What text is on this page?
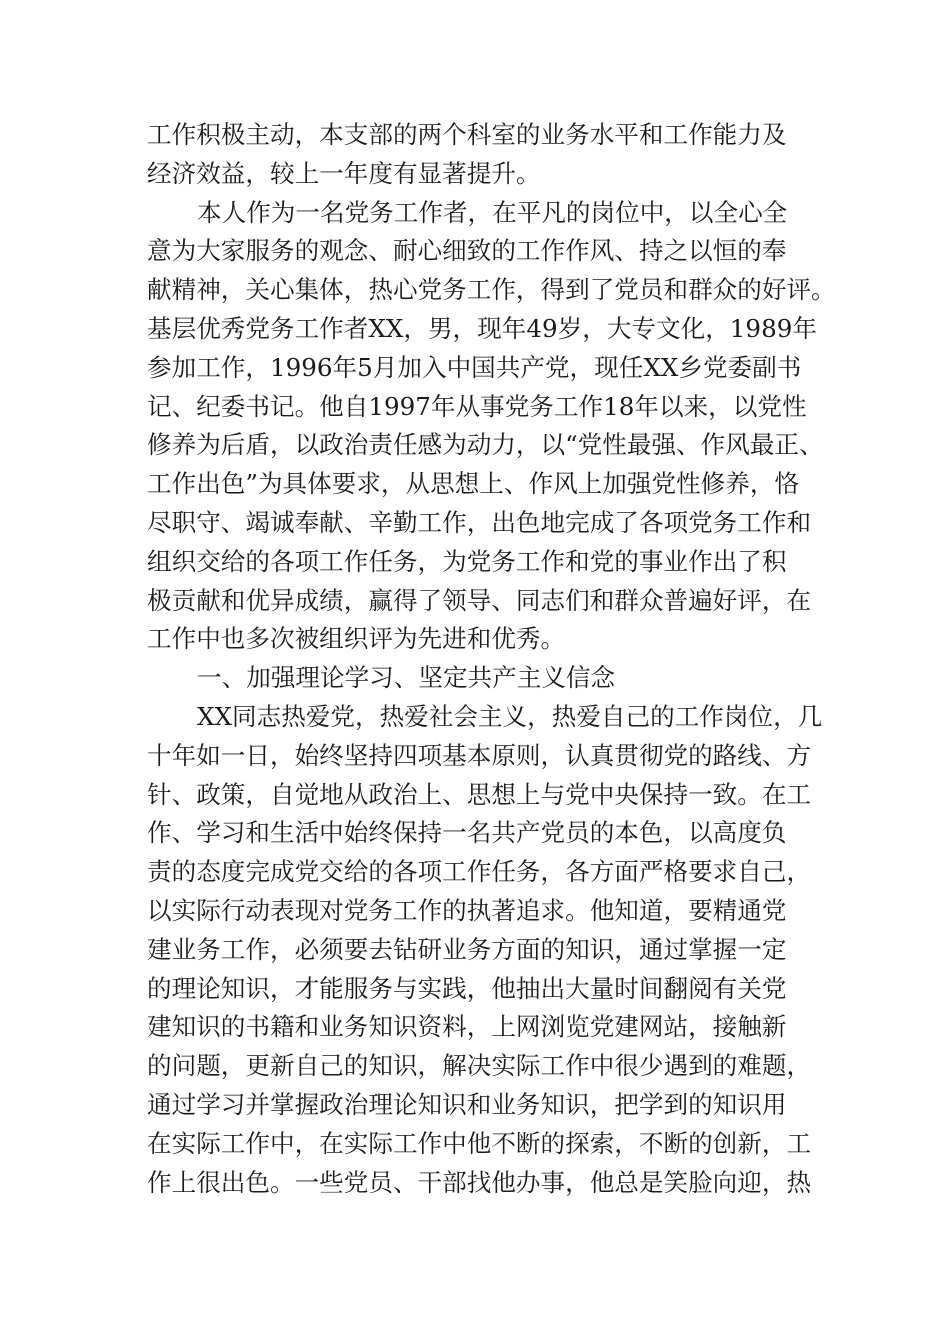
工作积极主动，本支部的两个科室的业务水平和工作能力及
经济效益，较上一年度有显著提升。
本人作为一名党务工作者，在平凡的岗位中，以全心全
意为大家服务的观念、耐心细致的工作作风、持之以恒的奉
献精神，关心集体，热心党务工作，得到了党员和群众的好评。
基层优秀党务工作者XX，男，现年49岁，大专文化，1989年
参加工作，1996年5月加入中国共产党，现任XX乡党委副书
记、纪委书记。他自1997年从事党务工作18年以来，以党性
修养为后盾，以政治责任感为动力，以“党性最强、作风最正、
工作出色”为具体要求，从思想上、作风上加强党性修养，恪
尽职守、竭诚奉献、辛勤工作，出色地完成了各项党务工作和
组织交给的各项工作任务，为党务工作和党的事业作出了积
极贡献和优异成绩，赢得了领导、同志们和群众普遍好评，在
工作中也多次被组织评为先进和优秀。
一、加强理论学习、坚定共产主义信念
XX同志热爱党，热爱社会主义，热爱自己的工作岗位，几
十年如一日，始终坚持四项基本原则，认真贯彻党的路线、方
针、政策，自觉地从政治上、思想上与党中央保持一致。在工
作、学习和生活中始终保持一名共产党员的本色，以高度负
责的态度完成党交给的各项工作任务，各方面严格要求自己，
以实际行动表现对党务工作的执著追求。他知道，要精通党
建业务工作，必须要去钻研业务方面的知识，通过掌握一定
的理论知识，才能服务与实践，他抽出大量时间翻阅有关党
建知识的书籍和业务知识资料，上网浏览党建网站，接触新
的问题，更新自己的知识，解决实际工作中很少遇到的难题，
通过学习并掌握政治理论知识和业务知识，把学到的知识用
在实际工作中，在实际工作中他不断的探索，不断的创新，工
作上很出色。一些党员、干部找他办事，他总是笑脸向迎，热
